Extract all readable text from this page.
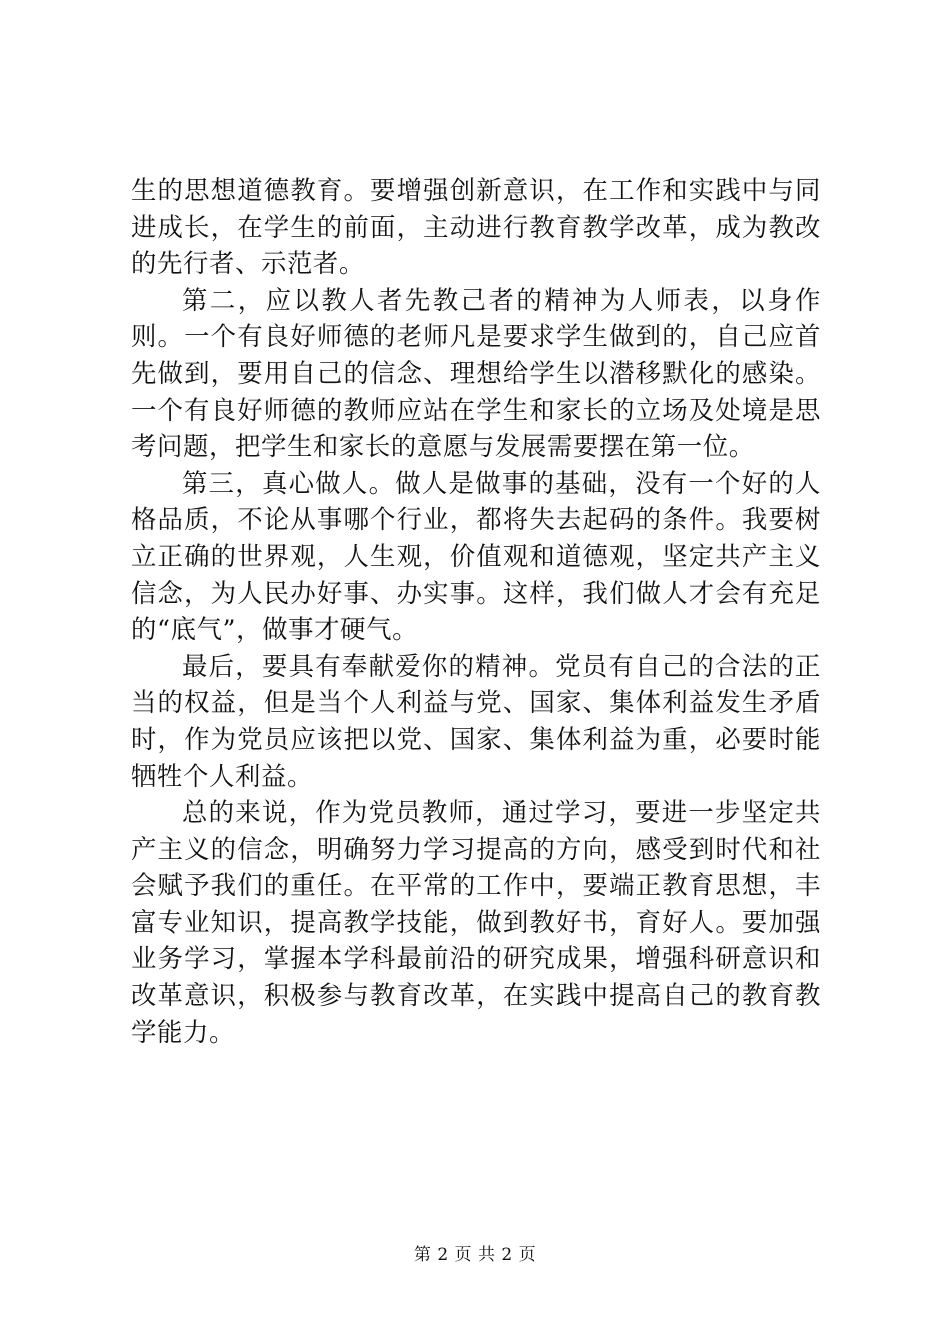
生的思想道德教育。要增强创新意识，在工作和实践中与同进成长，在学生的前面，主动进行教育教学改革，成为教改的先行者、示范者。

第二，应以教人者先教己者的精神为人师表，以身作则。一个有良好师德的老师凡是要求学生做到的，自己应首先做到，要用自己的信念、理想给学生以潜移默化的感染。一个有良好师德的教师应站在学生和家长的立场及处境是思考问题，把学生和家长的意愿与发展需要摆在第一位。

第三，真心做人。做人是做事的基础，没有一个好的人格品质，不论从事哪个行业，都将失去起码的条件。我要树立正确的世界观，人生观，价值观和道德观，坚定共产主义信念，为人民办好事、办实事。这样，我们做人才会有充足的“底气”，做事才硬气。

最后，要具有奉献爱你的精神。党员有自己的合法的正当的权益，但是当个人利益与党、国家、集体利益发生矛盾时，作为党员应该把以党、国家、集体利益为重，必要时能牺牲个人利益。

总的来说，作为党员教师，通过学习，要进一步坚定共产主义的信念，明确努力学习提高的方向，感受到时代和社会赋予我们的重任。在平常的工作中，要端正教育思想，丰富专业知识，提高教学技能，做到教好书，育好人。要加强业务学习，掌握本学科最前沿的研究成果，增强科研意识和改革意识，积极参与教育改革，在实践中提高自己的教育教学能力。

第 2 页 共 2 页
